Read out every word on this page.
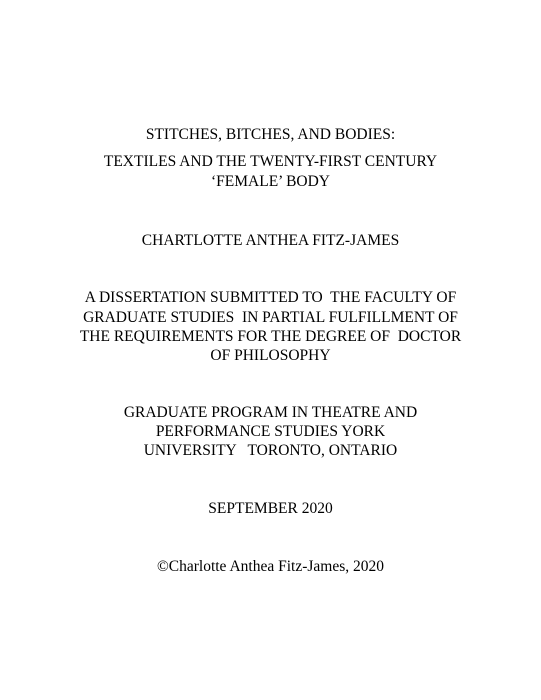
STITCHES, BITCHES, AND BODIES:
TEXTILES AND THE TWENTY-FIRST CENTURY
‘FEMALE’ BODY
CHARTLOTTE ANTHEA FITZ-JAMES
A DISSERTATION SUBMITTED TO  THE FACULTY OF
GRADUATE STUDIES  IN PARTIAL FULFILLMENT OF
THE REQUIREMENTS FOR THE DEGREE OF  DOCTOR
OF PHILOSOPHY
GRADUATE PROGRAM IN THEATRE AND
PERFORMANCE STUDIES YORK
UNIVERSITY   TORONTO, ONTARIO
SEPTEMBER 2020
©Charlotte Anthea Fitz-James, 2020
